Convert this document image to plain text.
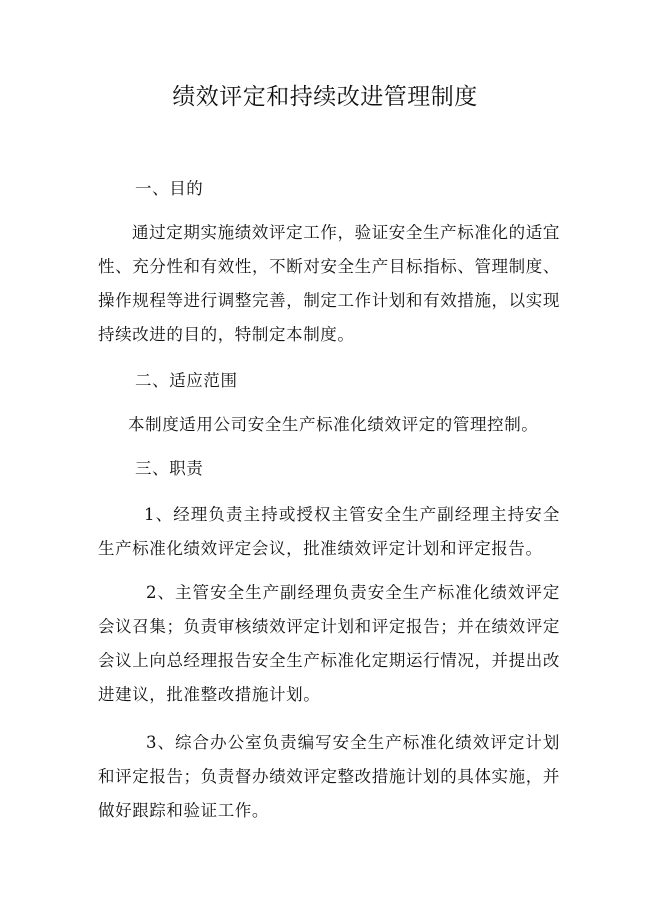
绩效评定和持续改进管理制度

一、目的

通过定期实施绩效评定工作，验证安全生产标准化的适宜性、充分性和有效性，不断对安全生产目标指标、管理制度、操作规程等进行调整完善，制定工作计划和有效措施，以实现持续改进的目的，特制定本制度。

二、适应范围

本制度适用公司安全生产标准化绩效评定的管理控制。

三、职责

1、经理负责主持或授权主管安全生产副经理主持安全生产标准化绩效评定会议，批准绩效评定计划和评定报告。

2、主管安全生产副经理负责安全生产标准化绩效评定会议召集；负责审核绩效评定计划和评定报告；并在绩效评定会议上向总经理报告安全生产标准化定期运行情况，并提出改进建议，批准整改措施计划。

3、综合办公室负责编写安全生产标准化绩效评定计划和评定报告；负责督办绩效评定整改措施计划的具体实施，并做好跟踪和验证工作。
